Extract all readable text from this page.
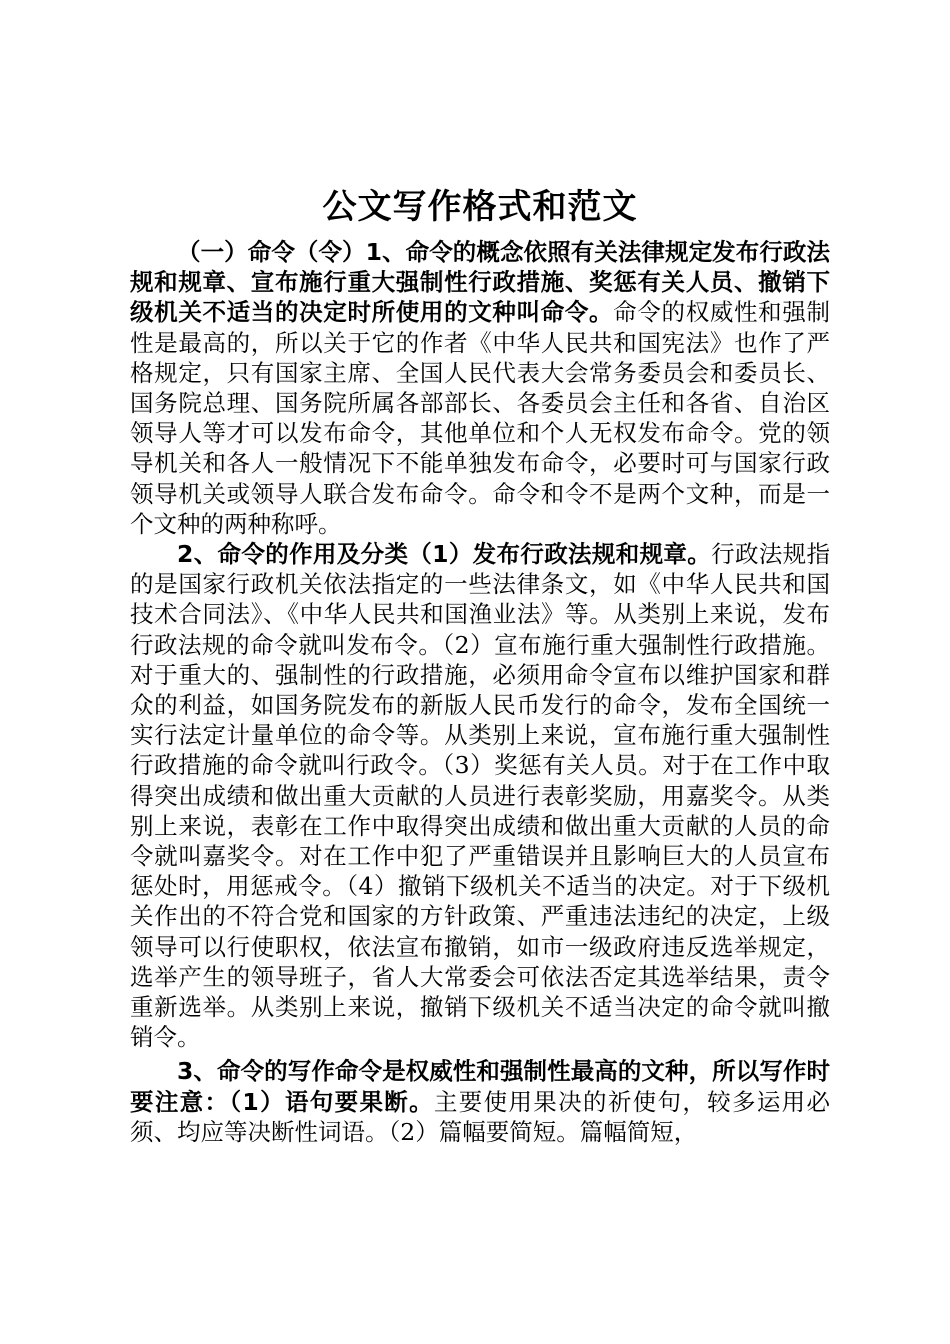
公文写作格式和范文

（一）命令（令）1、命令的概念依照有关法律规定发布行政法规和规章、宣布施行重大强制性行政措施、奖惩有关人员、撤销下级机关不适当的决定时所使用的文种叫命令。命令的权威性和强制性是最高的，所以关于它的作者《中华人民共和国宪法》也作了严格规定，只有国家主席、全国人民代表大会常务委员会和委员长、国务院总理、国务院所属各部部长、各委员会主任和各省、自治区领导人等才可以发布命令，其他单位和个人无权发布命令。党的领导机关和各人一般情况下不能单独发布命令，必要时可与国家行政领导机关或领导人联合发布命令。命令和令不是两个文种，而是一个文种的两种称呼。

2、命令的作用及分类（1）发布行政法规和规章。行政法规指的是国家行政机关依法指定的一些法律条文，如《中华人民共和国技术合同法》、《中华人民共和国渔业法》等。从类别上来说，发布行政法规的命令就叫发布令。（2）宣布施行重大强制性行政措施。对于重大的、强制性的行政措施，必须用命令宣布以维护国家和群众的利益，如国务院发布的新版人民币发行的命令，发布全国统一实行法定计量单位的命令等。从类别上来说，宣布施行重大强制性行政措施的命令就叫行政令。（3）奖惩有关人员。对于在工作中取得突出成绩和做出重大贡献的人员进行表彰奖励，用嘉奖令。从类别上来说，表彰在工作中取得突出成绩和做出重大贡献的人员的命令就叫嘉奖令。对在工作中犯了严重错误并且影响巨大的人员宣布惩处时，用惩戒令。（4）撤销下级机关不适当的决定。对于下级机关作出的不符合党和国家的方针政策、严重违法违纪的决定，上级领导可以行使职权，依法宣布撤销，如市一级政府违反选举规定，选举产生的领导班子，省人大常委会可依法否定其选举结果，责令重新选举。从类别上来说，撤销下级机关不适当决定的命令就叫撤销令。

3、命令的写作命令是权威性和强制性最高的文种，所以写作时要注意：（1）语句要果断。主要使用果决的祈使句，较多运用必须、均应等决断性词语。（2）篇幅要简短。篇幅简短，
